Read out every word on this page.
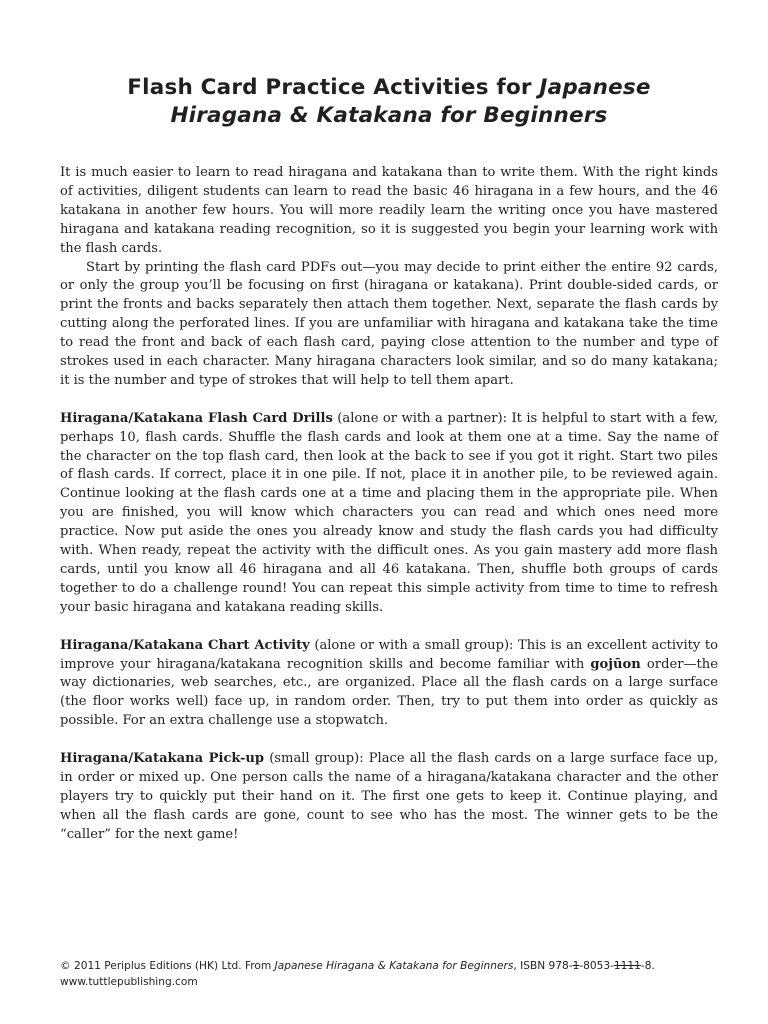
Flash Card Practice Activities for Japanese
Hiragana & Katakana for Beginners

It is much easier to learn to read hiragana and katakana than to write them. With the right kinds of activities, diligent students can learn to read the basic 46 hiragana in a few hours, and the 46 katakana in another few hours. You will more readily learn the writing once you have mastered hiragana and katakana reading recognition, so it is suggested you begin your learning work with the flash cards.

Start by printing the flash card PDFs out—you may decide to print either the entire 92 cards, or only the group you’ll be focusing on first (hiragana or katakana). Print double-sided cards, or print the fronts and backs separately then attach them together. Next, separate the flash cards by cutting along the perforated lines. If you are unfamiliar with hiragana and katakana take the time to read the front and back of each flash card, paying close attention to the number and type of strokes used in each character. Many hiragana characters look similar, and so do many katakana; it is the number and type of strokes that will help to tell them apart.

Hiragana/Katakana Flash Card Drills (alone or with a partner): It is helpful to start with a few, perhaps 10, flash cards. Shuffle the flash cards and look at them one at a time. Say the name of the character on the top flash card, then look at the back to see if you got it right. Start two piles of flash cards. If correct, place it in one pile. If not, place it in another pile, to be reviewed again. Continue looking at the flash cards one at a time and placing them in the appropriate pile. When you are finished, you will know which characters you can read and which ones need more practice. Now put aside the ones you already know and study the flash cards you had difficulty with. When ready, repeat the activity with the difficult ones. As you gain mastery add more flash cards, until you know all 46 hiragana and all 46 katakana. Then, shuffle both groups of cards together to do a challenge round! You can repeat this simple activity from time to time to refresh your basic hiragana and katakana reading skills.

Hiragana/Katakana Chart Activity (alone or with a small group): This is an excellent activity to improve your hiragana/katakana recognition skills and become familiar with gojūon order—the way dictionaries, web searches, etc., are organized. Place all the flash cards on a large surface (the floor works well) face up, in random order. Then, try to put them into order as quickly as possible. For an extra challenge use a stopwatch.

Hiragana/Katakana Pick-up (small group): Place all the flash cards on a large surface face up, in order or mixed up. One person calls the name of a hiragana/katakana character and the other players try to quickly put their hand on it. The first one gets to keep it. Continue playing, and when all the flash cards are gone, count to see who has the most. The winner gets to be the “caller” for the next game!

© 2011 Periplus Editions (HK) Ltd. From Japanese Hiragana & Katakana for Beginners, ISBN 978-1-8053-1111-8.
www.tuttlepublishing.com
